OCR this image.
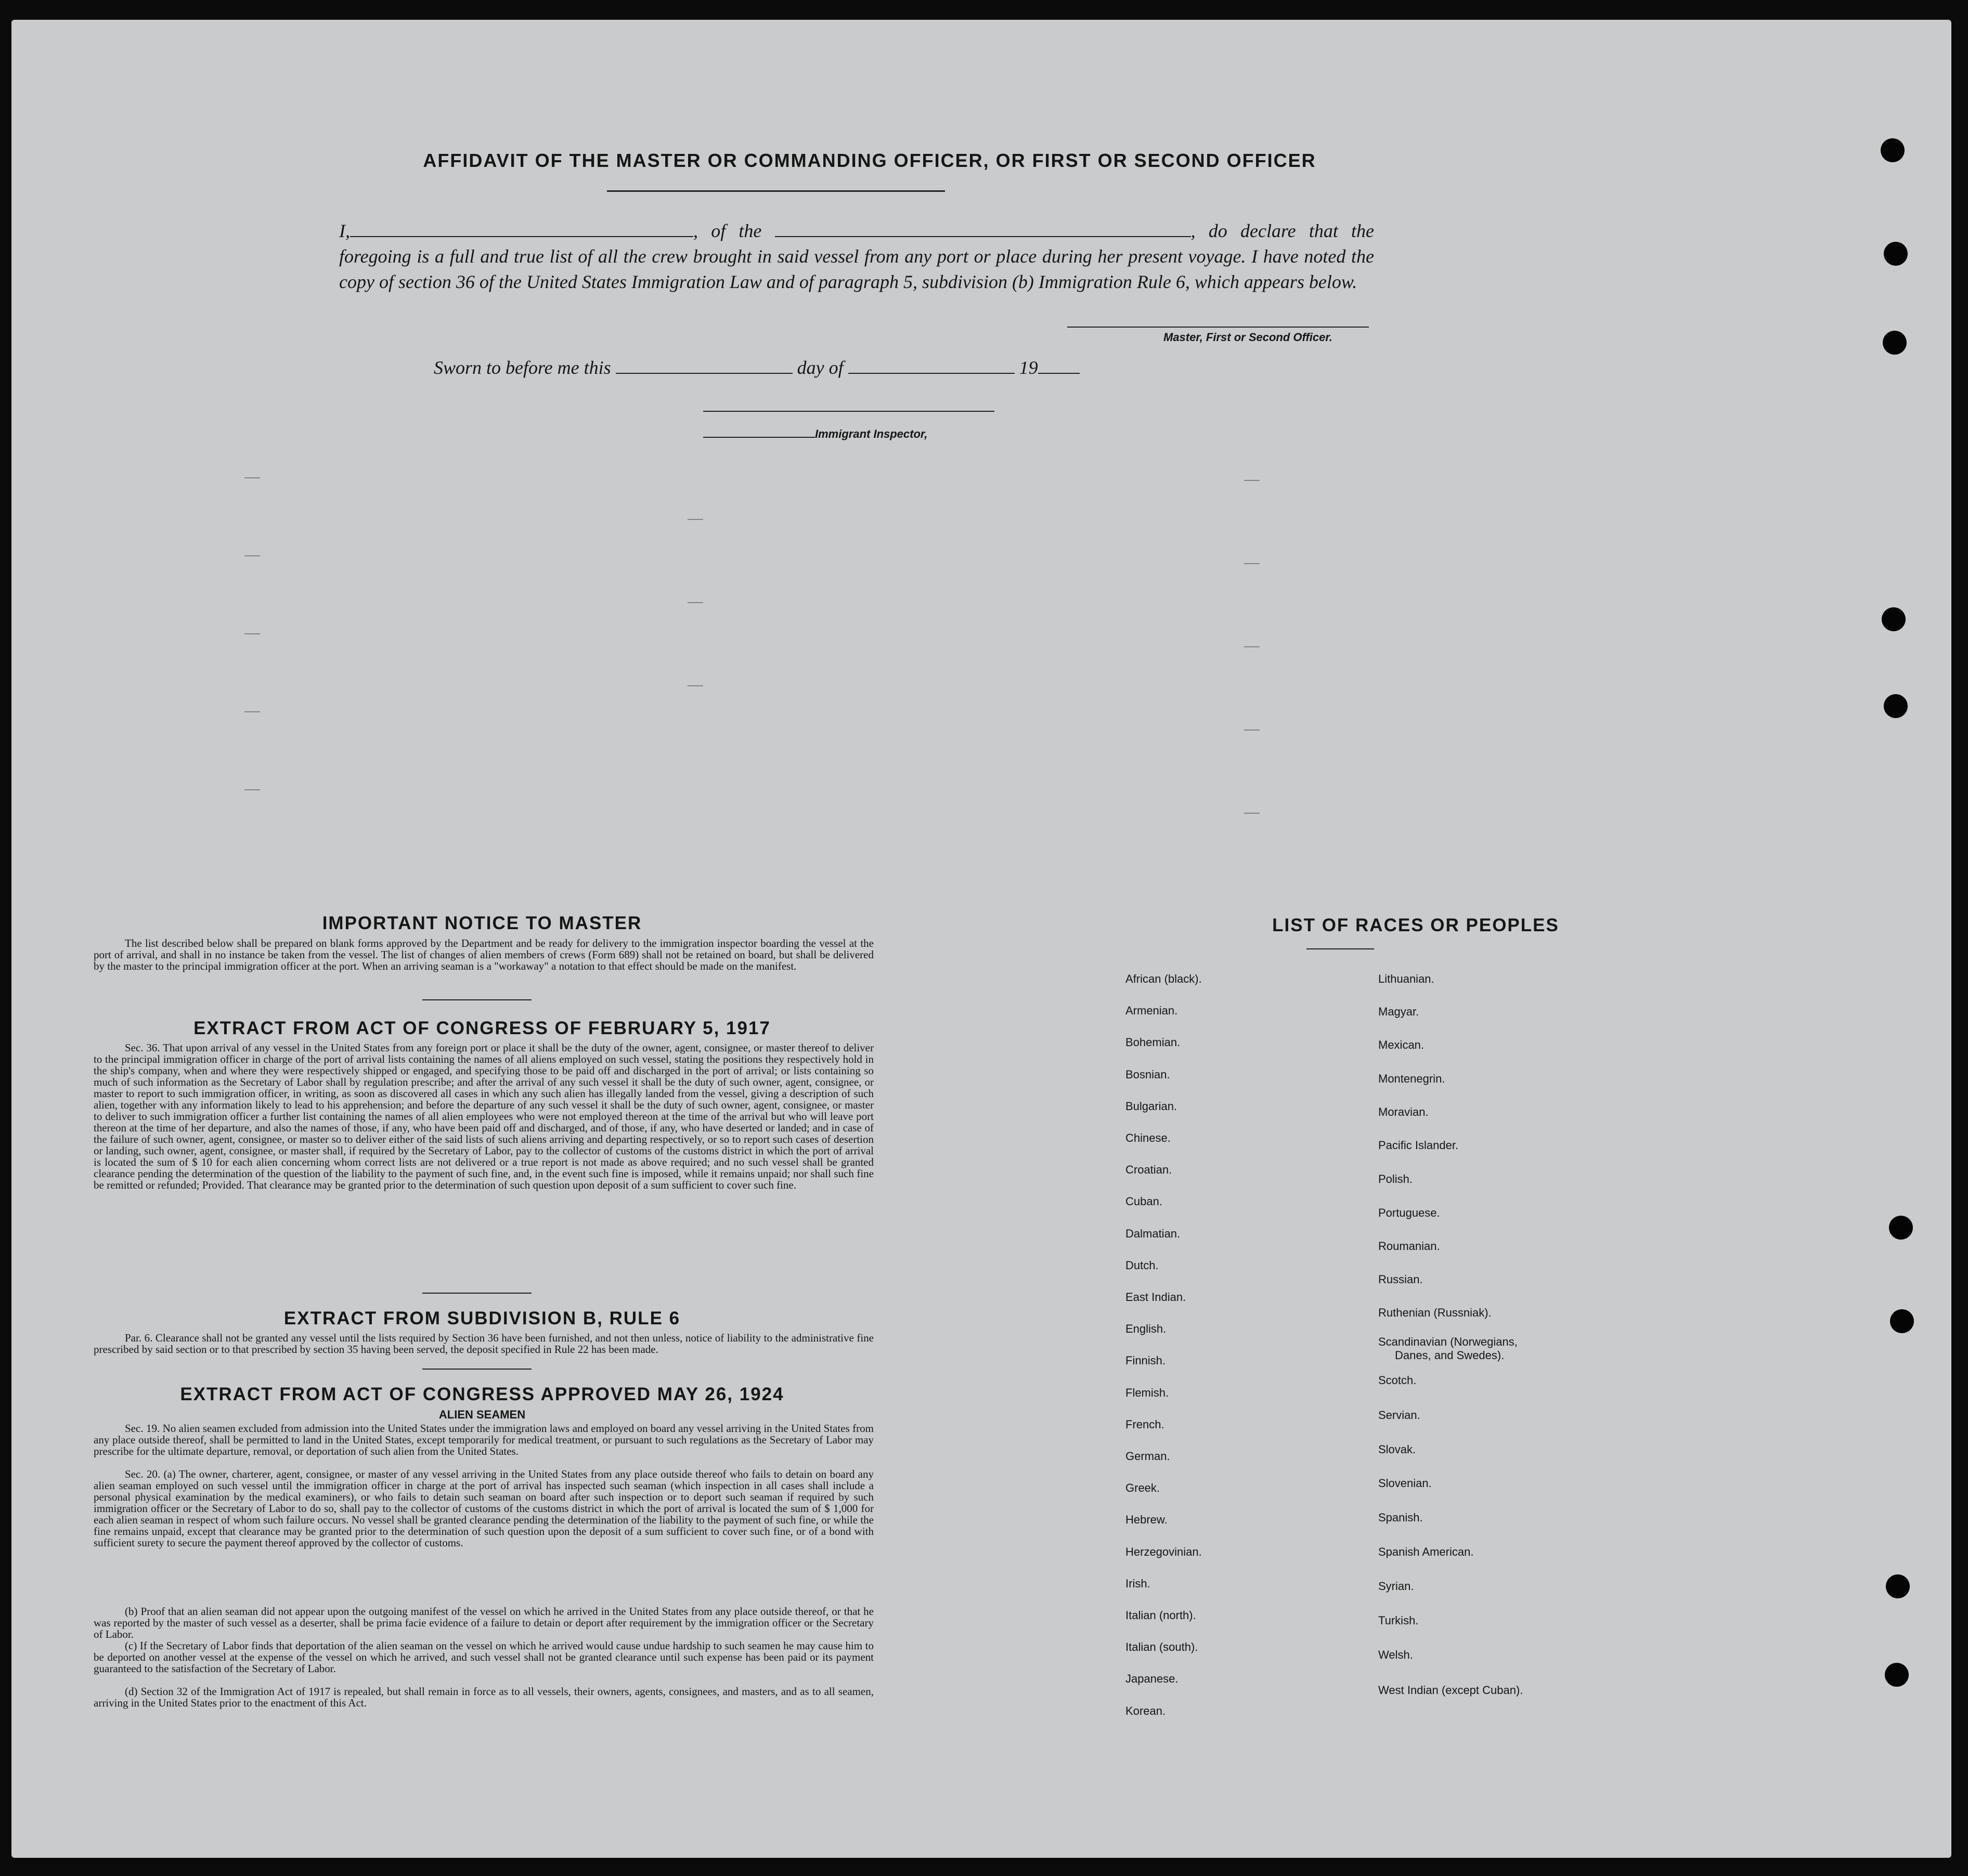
AFFIDAVIT OF THE MASTER OR COMMANDING OFFICER, OR FIRST OR SECOND OFFICER
I,	, of the	, do declare that the foregoing is a full and true list of all the crew brought in said vessel from any port or place during her present voyage. I have noted the copy of section 36 of the United States Immigration Law and of paragraph 5, subdivision (b) Immigration Rule 6, which appears below.
Master, First or Second Officer.
Sworn to before me this	day of	19
Immigrant Inspector,
IMPORTANT NOTICE TO MASTER
The list described below shall be prepared on blank forms approved by the Department and be ready for delivery to the immigration inspector boarding the vessel at the port of arrival, and shall in no instance be taken from the vessel. The list of changes of alien members of crews (Form 689) shall not be retained on board, but shall be delivered by the master to the principal immigration officer at the port. When an arriving seaman is a "workaway" a notation to that effect should be made on the manifest.
EXTRACT FROM ACT OF CONGRESS OF FEBRUARY 5, 1917
Sec. 36. That upon arrival of any vessel in the United States from any foreign port or place it shall be the duty of the owner, agent, consignee, or master thereof to deliver to the principal immigration officer in charge of the port of arrival lists containing the names of all aliens employed on such vessel, stating the positions they respectively hold in the ship's company, when and where they were respectively shipped or engaged, and specifying those to be paid off and discharged in the port of arrival; or lists containing so much of such information as the Secretary of Labor shall by regulation prescribe; and after the arrival of any such vessel it shall be the duty of such owner, agent, consignee, or master to report to such immigration officer, in writing, as soon as discovered all cases in which any such alien has illegally landed from the vessel, giving a description of such alien, together with any information likely to lead to his apprehension; and before the departure of any such vessel it shall be the duty of such owner, agent, consignee, or master to deliver to such immigration officer a further list containing the names of all alien employees who were not employed thereon at the time of the arrival but who will leave port thereon at the time of her departure, and also the names of those, if any, who have been paid off and discharged, and of those, if any, who have deserted or landed; and in case of the failure of such owner, agent, consignee, or master so to deliver either of the said lists of such aliens arriving and departing respectively, or so to report such cases of desertion or landing, such owner, agent, consignee, or master shall, if required by the Secretary of Labor, pay to the collector of customs of the customs district in which the port of arrival is located the sum of $ 10 for each alien concerning whom correct lists are not delivered or a true report is not made as above required; and no such vessel shall be granted clearance pending the determination of the question of the liability to the payment of such fine, and, in the event such fine is imposed, while it remains unpaid; nor shall such fine be remitted or refunded; Provided. That clearance may be granted prior to the determination of such question upon deposit of a sum sufficient to cover such fine.
EXTRACT FROM SUBDIVISION B, RULE 6
Par. 6. Clearance shall not be granted any vessel until the lists required by Section 36 have been furnished, and not then unless, notice of liability to the administrative fine prescribed by said section or to that prescribed by section 35 having been served, the deposit specified in Rule 22 has been made.
EXTRACT FROM ACT OF CONGRESS APPROVED MAY 26, 1924
ALIEN SEAMEN
Sec. 19. No alien seamen excluded from admission into the United States under the immigration laws and employed on board any vessel arriving in the United States from any place outside thereof, shall be permitted to land in the United States, except temporarily for medical treatment, or pursuant to such regulations as the Secretary of Labor may prescribe for the ultimate departure, removal, or deportation of such alien from the United States.
Sec. 20. (a) The owner, charterer, agent, consignee, or master of any vessel arriving in the United States from any place outside thereof who fails to detain on board any alien seaman employed on such vessel until the immigration officer in charge at the port of arrival has inspected such seaman (which inspection in all cases shall include a personal physical examination by the medical examiners), or who fails to detain such seaman on board after such inspection or to deport such seaman if required by such immigration officer or the Secretary of Labor to do so, shall pay to the collector of customs of the customs district in which the port of arrival is located the sum of $ 1,000 for each alien seaman in respect of whom such failure occurs. No vessel shall be granted clearance pending the determination of the liability to the payment of such fine, or while the fine remains unpaid, except that clearance may be granted prior to the determination of such question upon the deposit of a sum sufficient to cover such fine, or of a bond with sufficient surety to secure the payment thereof approved by the collector of customs.
(b) Proof that an alien seaman did not appear upon the outgoing manifest of the vessel on which he arrived in the United States from any place outside thereof, or that he was reported by the master of such vessel as a deserter, shall be prima facie evidence of a failure to detain or deport after requirement by the immigration officer or the Secretary of Labor.
(c) If the Secretary of Labor finds that deportation of the alien seaman on the vessel on which he arrived would cause undue hardship to such seamen he may cause him to be deported on another vessel at the expense of the vessel on which he arrived, and such vessel shall not be granted clearance until such expense has been paid or its payment guaranteed to the satisfaction of the Secretary of Labor.
(d) Section 32 of the Immigration Act of 1917 is repealed, but shall remain in force as to all vessels, their owners, agents, consignees, and masters, and as to all seamen, arriving in the United States prior to the enactment of this Act.
LIST OF RACES OR PEOPLES
African (black).
Armenian.
Bohemian.
Bosnian.
Bulgarian.
Chinese.
Croatian.
Cuban.
Dalmatian.
Dutch.
East Indian.
English.
Finnish.
Flemish.
French.
German.
Greek.
Hebrew.
Herzegovinian.
Irish.
Italian (north).
Italian (south).
Japanese.
Korean.
Lithuanian.
Magyar.
Mexican.
Montenegrin.
Moravian.
Pacific Islander.
Polish.
Portuguese.
Roumanian.
Russian.
Ruthenian (Russniak).
Scandinavian (Norwegians,
Danes, and Swedes).
Scotch.
Servian.
Slovak.
Slovenian.
Spanish.
Spanish American.
Syrian.
Turkish.
Welsh.
West Indian (except Cuban).
